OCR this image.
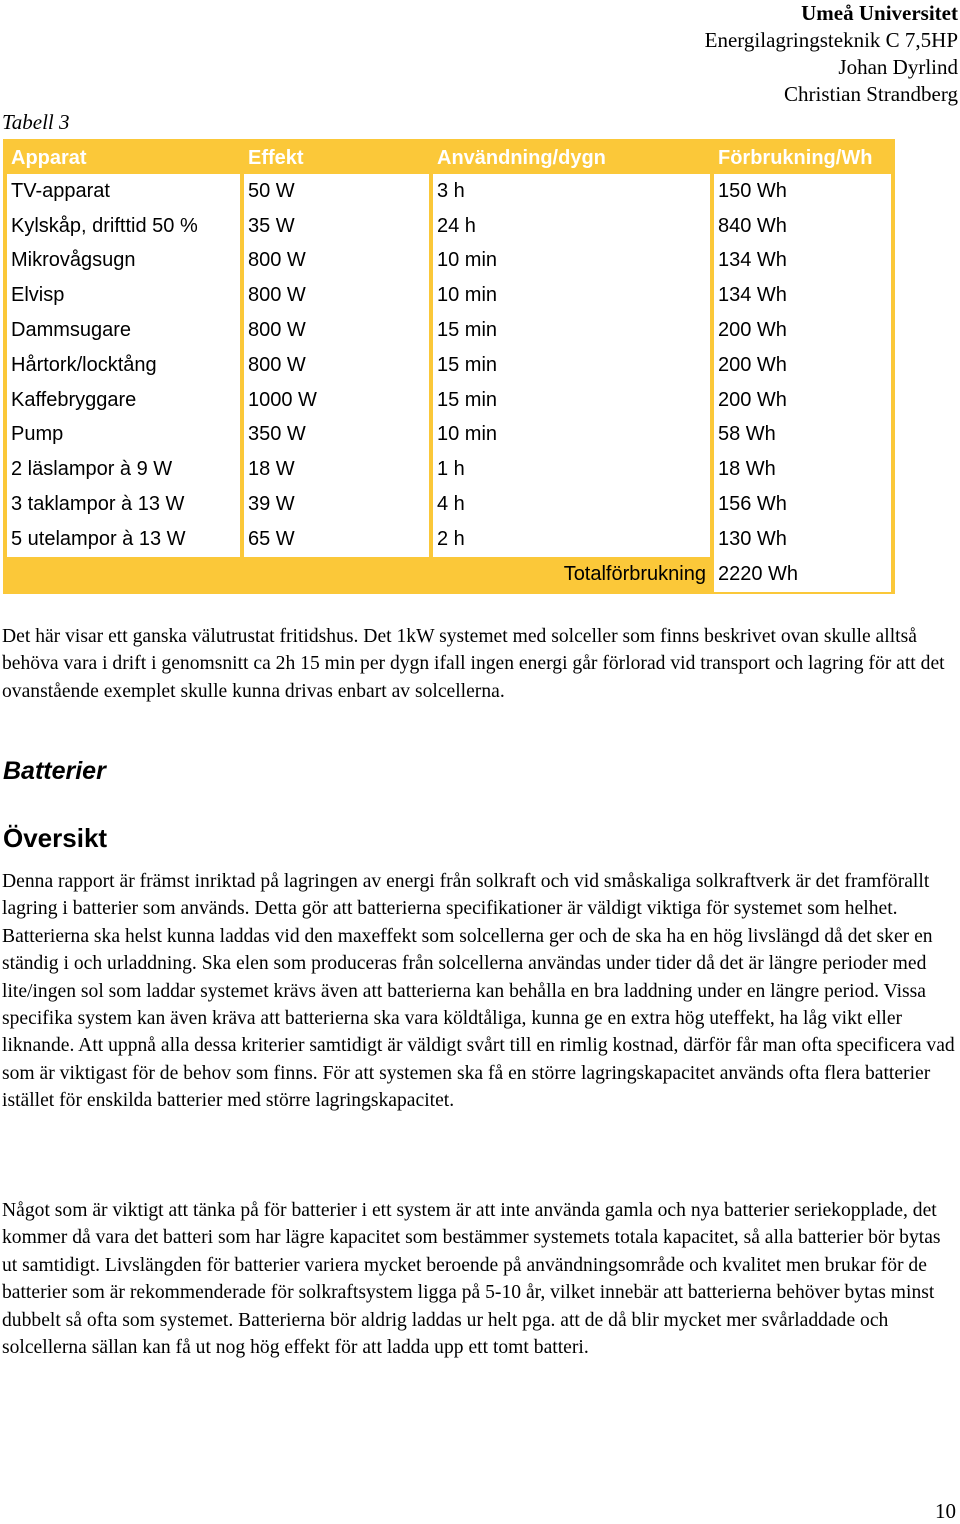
Umeå Universitet
Energilagringsteknik C 7,5HP
Johan Dyrlind
Christian Strandberg
Tabell 3
Apparat	Effekt	Användning/dygn	Förbrukning/Wh
TV-apparat	50 W	3 h	150 Wh
Kylskåp, drifttid 50 %	35 W	24 h	840 Wh
Mikrovågsugn	800 W	10 min	134 Wh
Elvisp	800 W	10 min	134 Wh
Dammsugare	800 W	15 min	200 Wh
Hårtork/locktång	800 W	15 min	200 Wh
Kaffebryggare	1000 W	15 min	200 Wh
Pump	350 W	10 min	58 Wh
2 läslampor à 9 W	18 W	1 h	18 Wh
3 taklampor à 13 W	39 W	4 h	156 Wh
5 utelampor à 13 W	65 W	2 h	130 Wh
Totalförbrukning			2220 Wh

Det här visar ett ganska välutrustat fritidshus. Det 1kW systemet med solceller som finns beskrivet ovan skulle alltså behöva vara i drift i genomsnitt ca 2h 15 min per dygn ifall ingen energi går förlorad vid transport och lagring för att det ovanstående exemplet skulle kunna drivas enbart av solcellerna.

Batterier
Översikt

Denna rapport är främst inriktad på lagringen av energi från solkraft och vid småskaliga solkraftverk är det framförallt lagring i batterier som används. Detta gör att batterierna specifikationer är väldigt viktiga för systemet som helhet. Batterierna ska helst kunna laddas vid den maxeffekt som solcellerna ger och de ska ha en hög livslängd då det sker en ständig i och urladdning. Ska elen som produceras från solcellerna användas under tider då det är längre perioder med lite/ingen sol som laddar systemet krävs även att batterierna kan behålla en bra laddning under en längre period. Vissa specifika system kan även kräva att batterierna ska vara köldtåliga, kunna ge en extra hög uteffekt, ha låg vikt eller liknande. Att uppnå alla dessa kriterier samtidigt är väldigt svårt till en rimlig kostnad, därför får man ofta specificera vad som är viktigast för de behov som finns. För att systemen ska få en större lagringskapacitet används ofta flera batterier istället för enskilda batterier med större lagringskapacitet.

Något som är viktigt att tänka på för batterier i ett system är att inte använda gamla och nya batterier seriekopplade, det kommer då vara det batteri som har lägre kapacitet som bestämmer systemets totala kapacitet, så alla batterier bör bytas ut samtidigt. Livslängden för batterier variera mycket beroende på användningsområde och kvalitet men brukar för de batterier som är rekommenderade för solkraftsystem ligga på 5-10 år, vilket innebär att batterierna behöver bytas minst dubbelt så ofta som systemet. Batterierna bör aldrig laddas ur helt pga. att de då blir mycket mer svårladdade och solcellerna sällan kan få ut nog hög effekt för att ladda upp ett tomt batteri.

10
